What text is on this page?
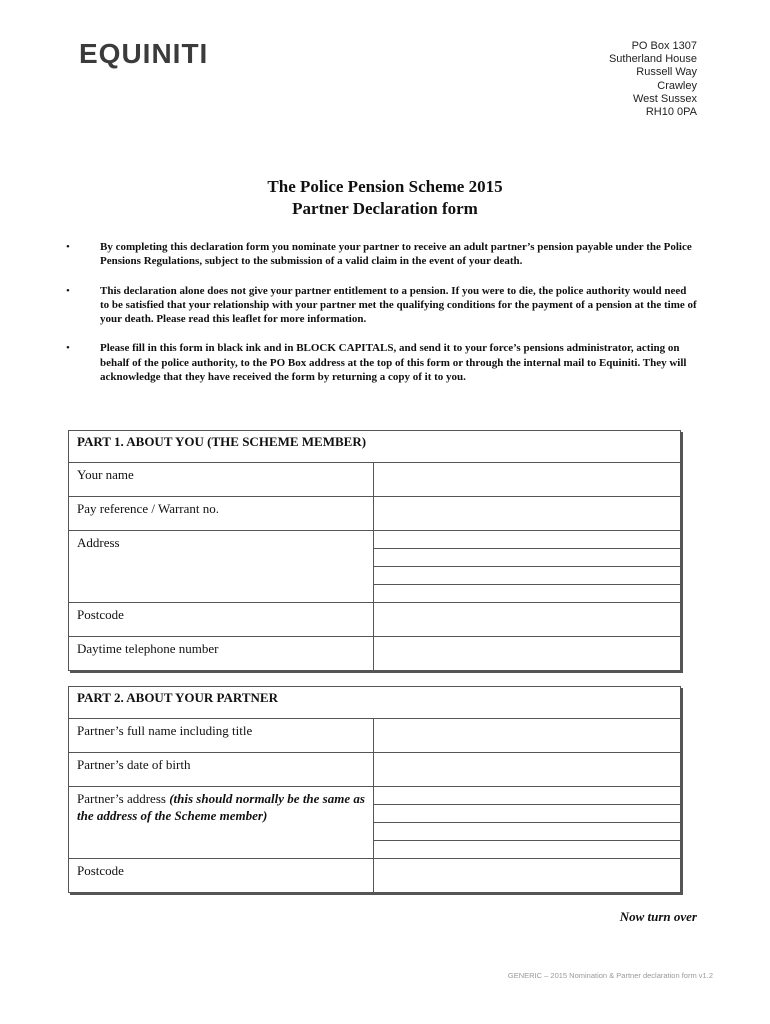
EQUINITI	PO Box 1307
Sutherland House
Russell Way
Crawley
West Sussex
RH10 0PA
The Police Pension Scheme 2015
Partner Declaration form
•	By completing this declaration form you nominate your partner to receive an adult partner’s pension payable under the Police Pensions Regulations, subject to the submission of a valid claim in the event of your death.
•	This declaration alone does not give your partner entitlement to a pension. If you were to die, the police authority would need to be satisfied that your relationship with your partner met the qualifying conditions for the payment of a pension at the time of your death. Please read this leaflet for more information.
•	Please fill in this form in black ink and in BLOCK CAPITALS, and send it to your force’s pensions administrator, acting on behalf of the police authority, to the PO Box address at the top of this form or through the internal mail to Equiniti. They will acknowledge that they have received the form by returning a copy of it to you.
PART 1. ABOUT YOU (THE SCHEME MEMBER)
Your name
Pay reference / Warrant no.
Address
Postcode
Daytime telephone number
PART 2. ABOUT YOUR PARTNER
Partner’s full name including title
Partner’s date of birth
Partner’s address (this should normally be the same as the address of the Scheme member)
Postcode
Now turn over
GENERIC – 2015 Nomination & Partner declaration form v1.2
